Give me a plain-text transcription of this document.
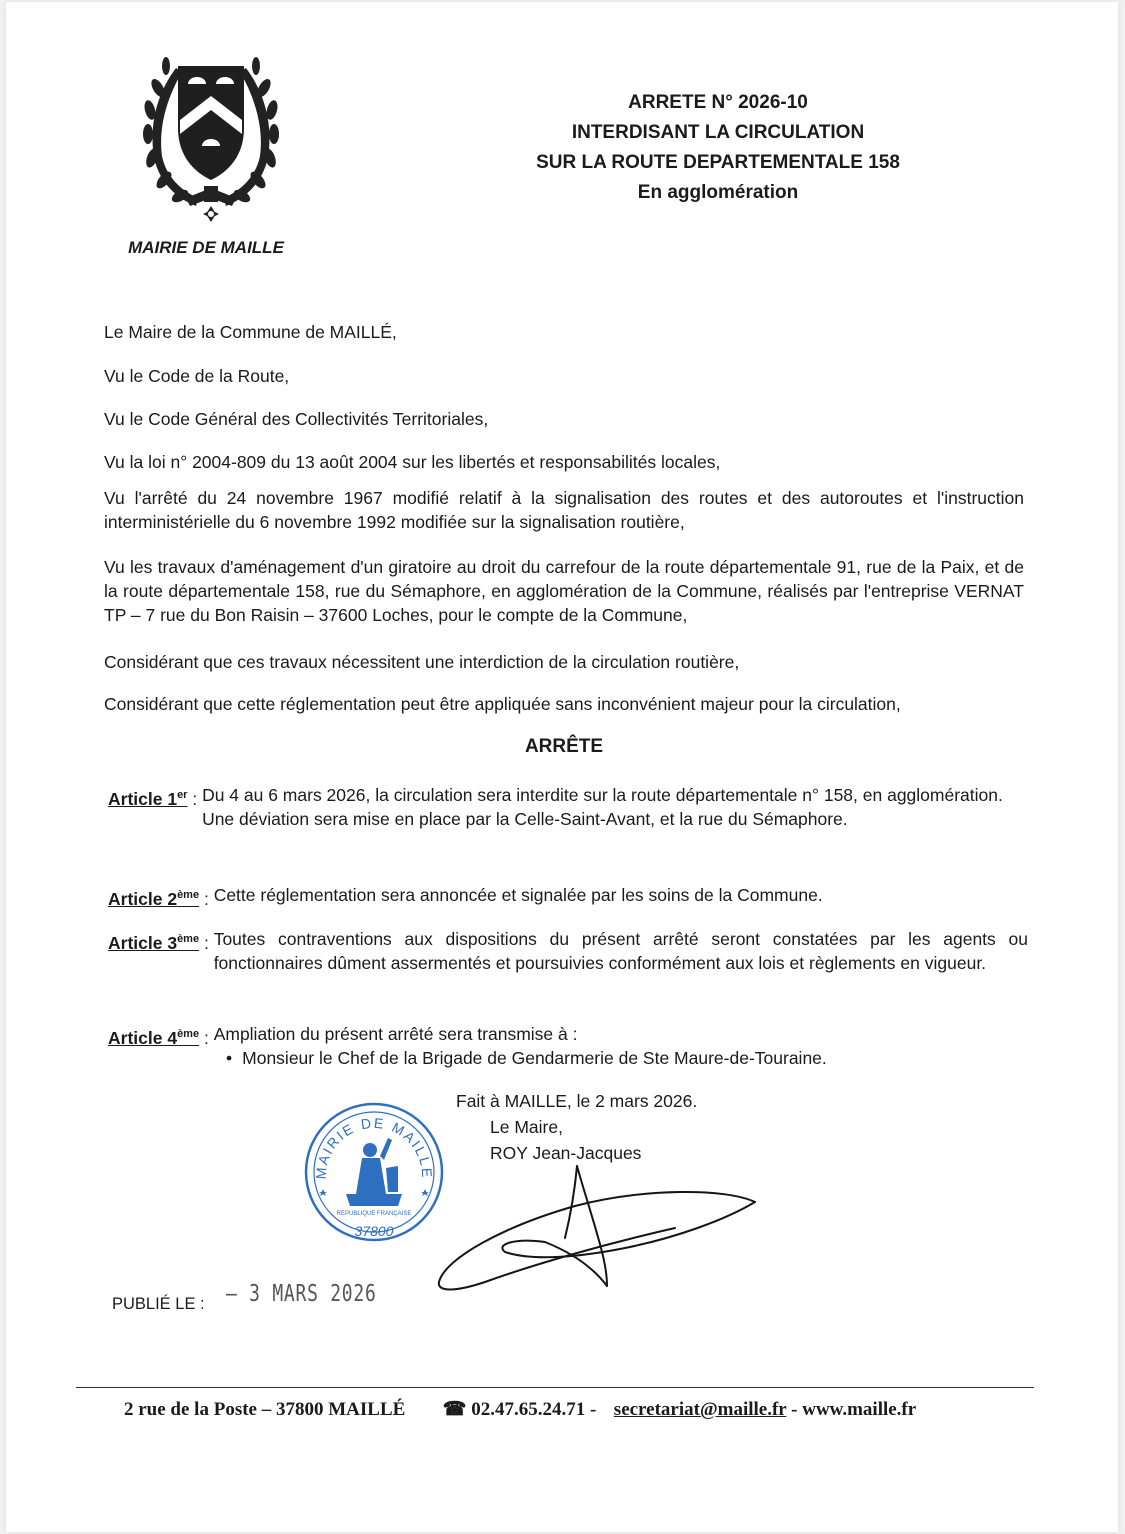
MAIRIE DE MAILLE
ARRETE N° 2026-10
INTERDISANT LA CIRCULATION
SUR LA ROUTE DEPARTEMENTALE 158
En agglomération
Le Maire de la Commune de MAILLÉ,
Vu le Code de la Route,
Vu le Code Général des Collectivités Territoriales,
Vu la loi n° 2004-809 du 13 août 2004 sur les libertés et responsabilités locales,
Vu l'arrêté du 24 novembre 1967 modifié relatif à la signalisation des routes et des autoroutes et l'instruction interministérielle du 6 novembre 1992 modifiée sur la signalisation routière,
Vu les travaux d'aménagement d'un giratoire au droit du carrefour de la route départementale 91, rue de la Paix, et de la route départementale 158, rue du Sémaphore, en agglomération de la Commune, réalisés par l'entreprise VERNAT TP – 7 rue du Bon Raisin – 37600 Loches, pour le compte de la Commune,
Considérant que ces travaux nécessitent une interdiction de la circulation routière,
Considérant que cette réglementation peut être appliquée sans inconvénient majeur pour la circulation,
ARRÊTE
Article 1er : Du 4 au 6 mars 2026, la circulation sera interdite sur la route départementale n° 158, en agglomération.
Une déviation sera mise en place par la Celle-Saint-Avant, et la rue du Sémaphore.
Article 2ème : Cette réglementation sera annoncée et signalée par les soins de la Commune.
Article 3ème : Toutes contraventions aux dispositions du présent arrêté seront constatées par les agents ou fonctionnaires dûment assermentés et poursuivies conformément aux lois et règlements en vigueur.
Article 4ème : Ampliation du présent arrêté sera transmise à :
• Monsieur le Chef de la Brigade de Gendarmerie de Ste Maure-de-Touraine.
Fait à MAILLE, le 2 mars 2026.
Le Maire,
ROY Jean-Jacques
MAIRIE DE MAILLE
REPUBLIQUE FRANÇAISE
37800
PUBLIÉ LE : – 3 MARS 2026
2 rue de la Poste – 37800 MAILLÉ ☎ 02.47.65.24.71 - secretariat@maille.fr - www.maille.fr
